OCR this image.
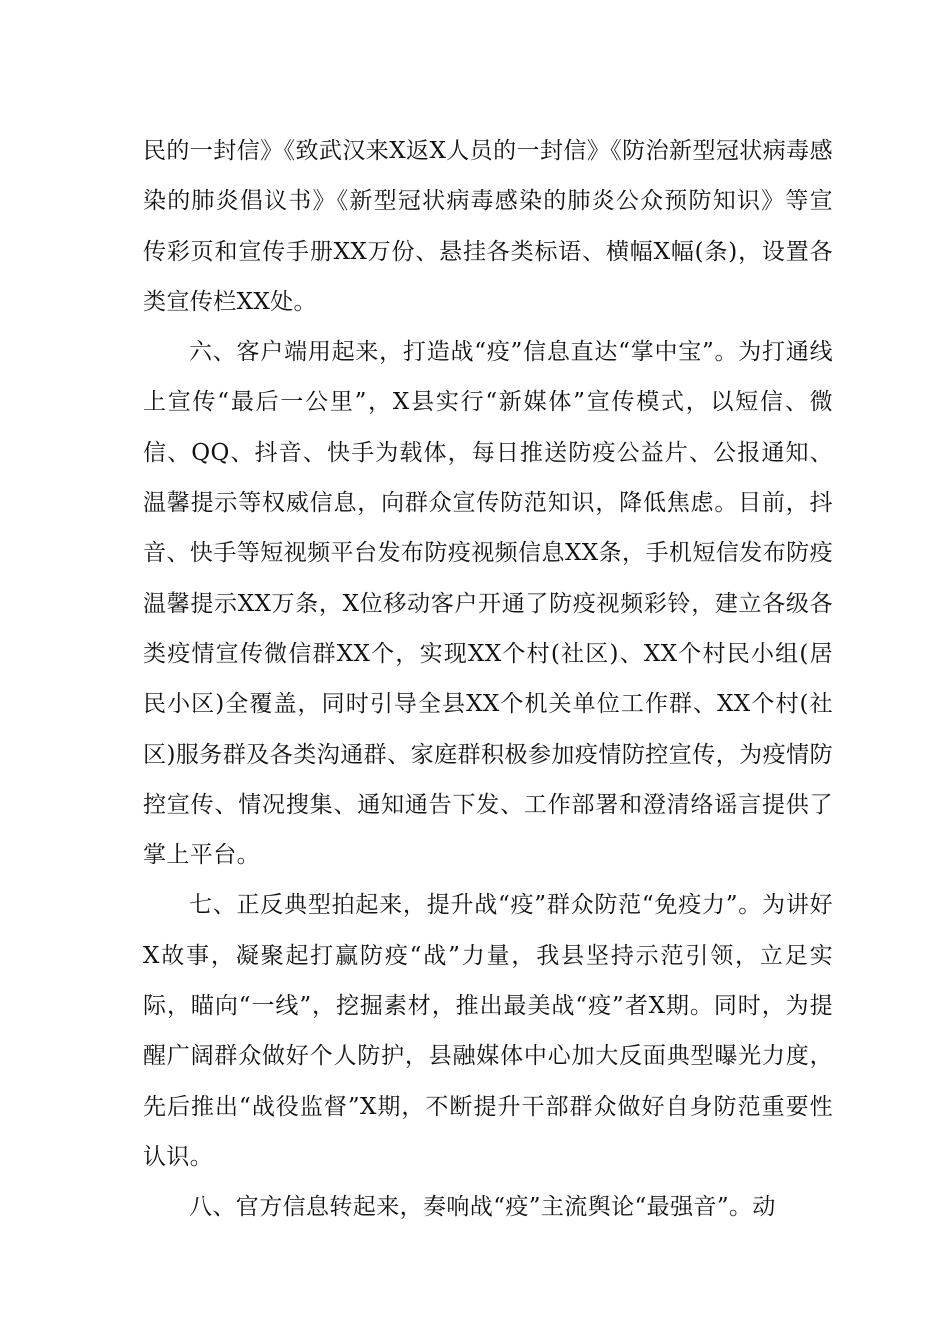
民的一封信》《致武汉来X返X人员的一封信》《防治新型冠状病毒感染的肺炎倡议书》《新型冠状病毒感染的肺炎公众预防知识》等宣传彩页和宣传手册XX万份、悬挂各类标语、横幅X幅(条)，设置各类宣传栏XX处。

六、客户端用起来，打造战“疫”信息直达“掌中宝”。为打通线上宣传“最后一公里”，X县实行“新媒体”宣传模式，以短信、微信、QQ、抖音、快手为载体，每日推送防疫公益片、公报通知、温馨提示等权威信息，向群众宣传防范知识，降低焦虑。目前，抖音、快手等短视频平台发布防疫视频信息XX条，手机短信发布防疫温馨提示XX万条，X位移动客户开通了防疫视频彩铃，建立各级各类疫情宣传微信群XX个，实现XX个村(社区)、XX个村民小组(居民小区)全覆盖，同时引导全县XX个机关单位工作群、XX个村(社区)服务群及各类沟通群、家庭群积极参加疫情防控宣传，为疫情防控宣传、情况搜集、通知通告下发、工作部署和澄清络谣言提供了掌上平台。

七、正反典型拍起来，提升战“疫”群众防范“免疫力”。为讲好X故事，凝聚起打赢防疫“战”力量，我县坚持示范引领，立足实际，瞄向“一线”，挖掘素材，推出最美战“疫”者X期。同时，为提醒广阔群众做好个人防护，县融媒体中心加大反面典型曝光力度，先后推出“战役监督”X期，不断提升干部群众做好自身防范重要性认识。

八、官方信息转起来，奏响战“疫”主流舆论“最强音”。动
